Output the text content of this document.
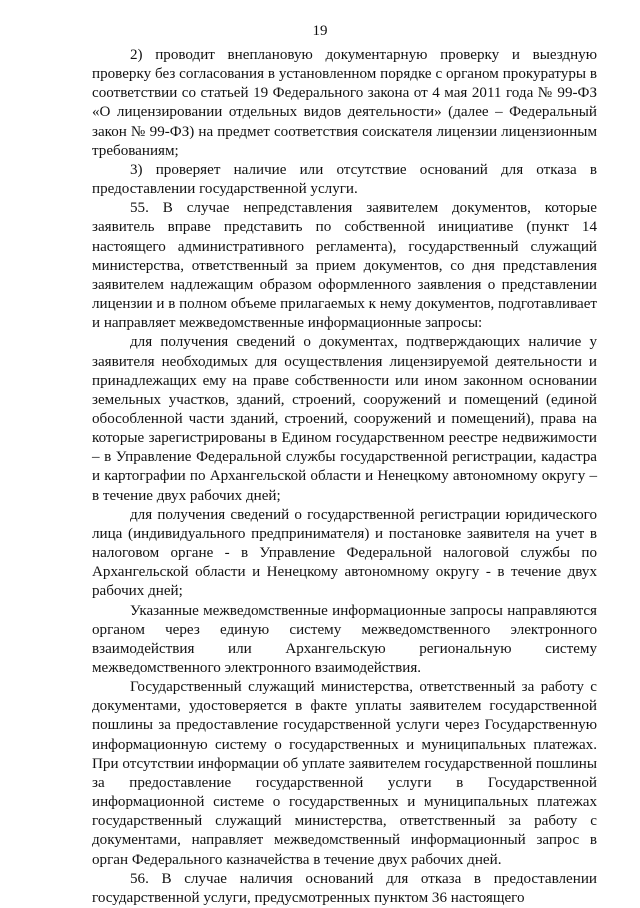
19

2) проводит внеплановую документарную проверку и выездную проверку без согласования в установленном порядке с органом прокуратуры в соответствии со статьей 19 Федерального закона от 4 мая 2011 года № 99-ФЗ «О лицензировании отдельных видов деятельности» (далее – Федеральный закон № 99-ФЗ) на предмет соответствия соискателя лицензии лицензионным требованиям;

3) проверяет наличие или отсутствие оснований для отказа в предоставлении государственной услуги.

55. В случае непредставления заявителем документов, которые заявитель вправе представить по собственной инициативе (пункт 14 настоящего административного регламента), государственный служащий министерства, ответственный за прием документов, со дня представления заявителем надлежащим образом оформленного заявления о представлении лицензии и в полном объеме прилагаемых к нему документов, подготавливает и направляет межведомственные информационные запросы:

для получения сведений о документах, подтверждающих наличие у заявителя необходимых для осуществления лицензируемой деятельности и принадлежащих ему на праве собственности или ином законном основании земельных участков, зданий, строений, сооружений и помещений (единой обособленной части зданий, строений, сооружений и помещений), права на которые зарегистрированы в Едином государственном реестре недвижимости – в Управление Федеральной службы государственной регистрации, кадастра и картографии по Архангельской области и Ненецкому автономному округу – в течение двух рабочих дней;

для получения сведений о государственной регистрации юридического лица (индивидуального предпринимателя) и постановке заявителя на учет в налоговом органе - в Управление Федеральной налоговой службы по Архангельской области и Ненецкому автономному округу - в течение двух рабочих дней;

Указанные межведомственные информационные запросы направляются органом через единую систему межведомственного электронного взаимодействия или Архангельскую региональную систему межведомственного электронного взаимодействия.

Государственный служащий министерства, ответственный за работу с документами, удостоверяется в факте уплаты заявителем государственной пошлины за предоставление государственной услуги через Государственную информационную систему о государственных и муниципальных платежах. При отсутствии информации об уплате заявителем государственной пошлины за предоставление государственной услуги в Государственной информационной системе о государственных и муниципальных платежах государственный служащий министерства, ответственный за работу с документами, направляет межведомственный информационный запрос в орган Федерального казначейства в течение двух рабочих дней.

56. В случае наличия оснований для отказа в предоставлении государственной услуги, предусмотренных пунктом 36 настоящего
